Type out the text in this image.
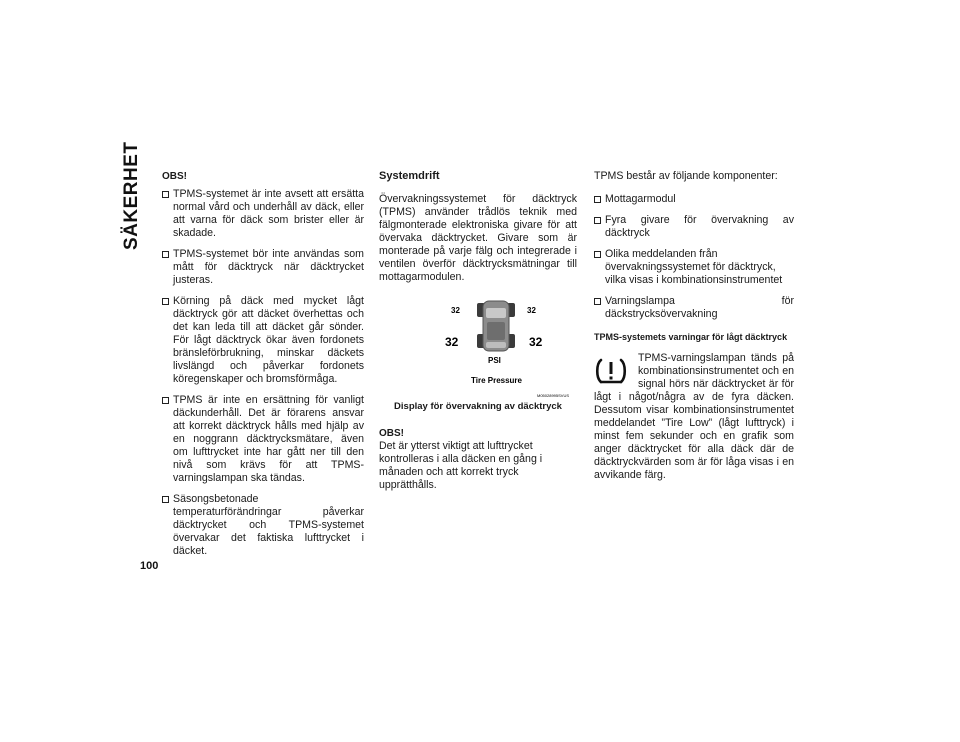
SÄKERHET
100
OBS!
TPMS-systemet är inte avsett att ersätta normal vård och underhåll av däck, eller att varna för däck som brister eller är skadade.
TPMS-systemet bör inte användas som mått för däcktryck när däcktrycket justeras.
Körning på däck med mycket lågt däcktryck gör att däcket överhettas och det kan leda till att däcket går sönder. För lågt däcktryck ökar även fordonets bränsleförbrukning, minskar däckets livslängd och påverkar fordonets köregenskaper och bromsförmåga.
TPMS är inte en ersättning för vanligt däckunderhåll. Det är förarens ansvar att korrekt däcktryck hålls med hjälp av en noggrann däcktrycksmätare, även om lufttrycket inte har gått ner till den nivå som krävs för att TPMS-varningslampan ska tändas.
Säsongsbetonade temperaturförändringar påverkar däcktrycket och TPMS-systemet övervakar det faktiska lufttrycket i däcket.
Systemdrift

Övervakningssystemet för däcktryck (TPMS) använder trådlös teknik med fälgmonterade elektroniska givare för att övervaka däcktrycket. Givare som är monterade på varje fälg och integrerade i ventilen överför däcktrycksmätningar till mottagarmodulen.

32	32
32	32
PSI
Tire Pressure
M05028995SVUS
Display för övervakning av däcktryck
OBS!

Det är ytterst viktigt att lufttrycket kontrolleras i alla däcken en gång i månaden och att korrekt tryck upprätthålls.

TPMS består av följande komponenter:

Mottagarmodul
Fyra givare för övervakning av däcktryck
Olika meddelanden från övervakningssystemet för däcktryck, vilka visas i kombinationsinstrumentet
Varningslampa för däckstrycksövervakning
TPMS-systemets varningar för lågt däcktryck

TPMS-varningslampan tänds på kombinationsinstrumentet och en signal hörs när däcktrycket är för lågt i något/några av de fyra däcken. Dessutom visar kombinationsinstrumentet meddelandet ”Tire Low” (lågt lufttryck) i minst fem sekunder och en grafik som anger däcktrycket för alla däck där de däcktryckvärden som är för låga visas i en avvikande färg.
